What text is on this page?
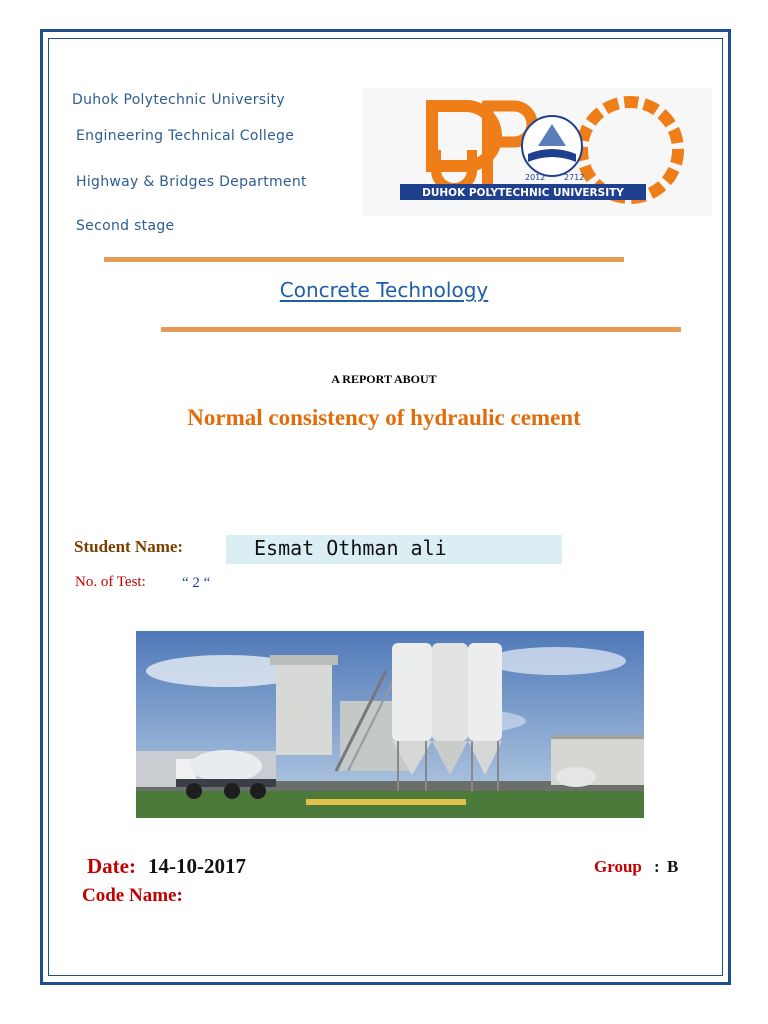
Duhok Polytechnic University
Engineering Technical College
Highway & Bridges Department
Second stage
2012 2712
DUHOK POLYTECHNIC UNIVERSITY
Concrete Technology
A REPORT ABOUT
Normal consistency of hydraulic cement
Student Name:	Esmat Othman ali
No. of Test: “ 2 “
Date: 14-10-2017	Group : B
Code Name:
